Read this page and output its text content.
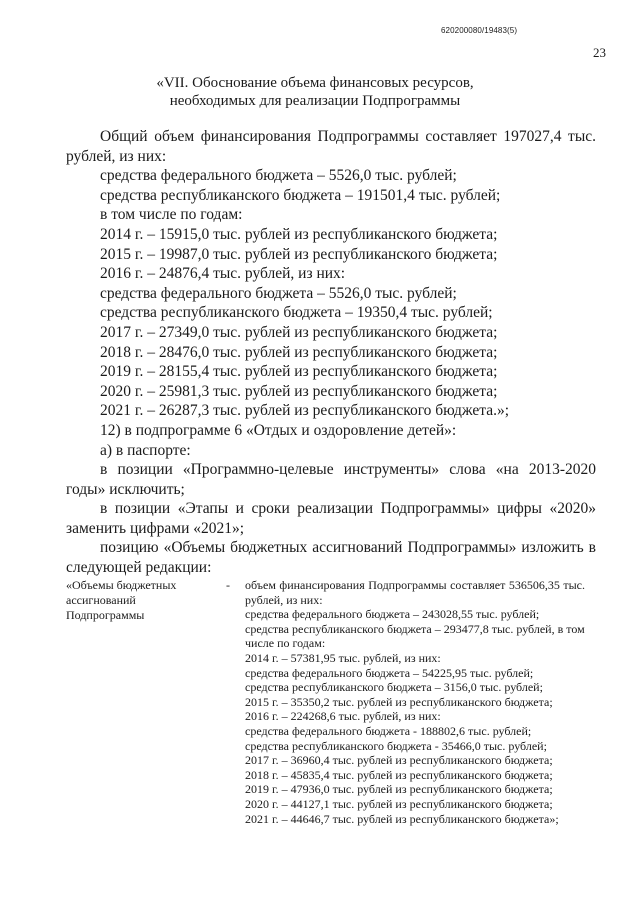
620200080/19483(5)
23
«VII. Обоснование объема финансовых ресурсов,
необходимых для реализации Подпрограммы

Общий объем финансирования Подпрограммы составляет 197027,4 тыс. рублей, из них:

средства федерального бюджета – 5526,0 тыс. рублей;

средства республиканского бюджета – 191501,4 тыс. рублей;

в том числе по годам:

2014 г. – 15915,0 тыс. рублей из республиканского бюджета;

2015 г. – 19987,0 тыс. рублей из республиканского бюджета;

2016 г. – 24876,4 тыс. рублей, из них:

средства федерального бюджета – 5526,0 тыс. рублей;

средства республиканского бюджета – 19350,4 тыс. рублей;

2017 г. – 27349,0 тыс. рублей из республиканского бюджета;

2018 г. – 28476,0 тыс. рублей из республиканского бюджета;

2019 г. – 28155,4 тыс. рублей из республиканского бюджета;

2020 г. – 25981,3 тыс. рублей из республиканского бюджета;

2021 г. – 26287,3 тыс. рублей из республиканского бюджета.»;

12) в подпрограмме 6 «Отдых и оздоровление детей»:

а) в паспорте:

в позиции «Программно-целевые инструменты» слова «на 2013-2020 годы» исключить;

в позиции «Этапы и сроки реализации Подпрограммы» цифры «2020» заменить цифрами «2021»;

позицию «Объемы бюджетных ассигнований Подпрограммы» изложить в следующей редакции:

«Объемы бюджетных ассигнований Подпрограммы
- объем финансирования Подпрограммы составляет 536506,35 тыс. рублей, из них:

средства федерального бюджета – 243028,55 тыс. рублей;

средства республиканского бюджета – 293477,8 тыс. рублей, в том числе по годам:

2014 г. – 57381,95 тыс. рублей, из них:

средства федерального бюджета – 54225,95 тыс. рублей;

средства республиканского бюджета – 3156,0 тыс. рублей;

2015 г. – 35350,2 тыс. рублей из республиканского бюджета;

2016 г. – 224268,6 тыс. рублей, из них:

средства федерального бюджета - 188802,6 тыс. рублей;

средства республиканского бюджета - 35466,0 тыс. рублей;

2017 г. – 36960,4 тыс. рублей из республиканского бюджета;

2018 г. – 45835,4 тыс. рублей из республиканского бюджета;

2019 г. – 47936,0 тыс. рублей из республиканского бюджета;

2020 г. – 44127,1 тыс. рублей из республиканского бюджета;

2021 г. – 44646,7 тыс. рублей из республиканского бюджета»;
